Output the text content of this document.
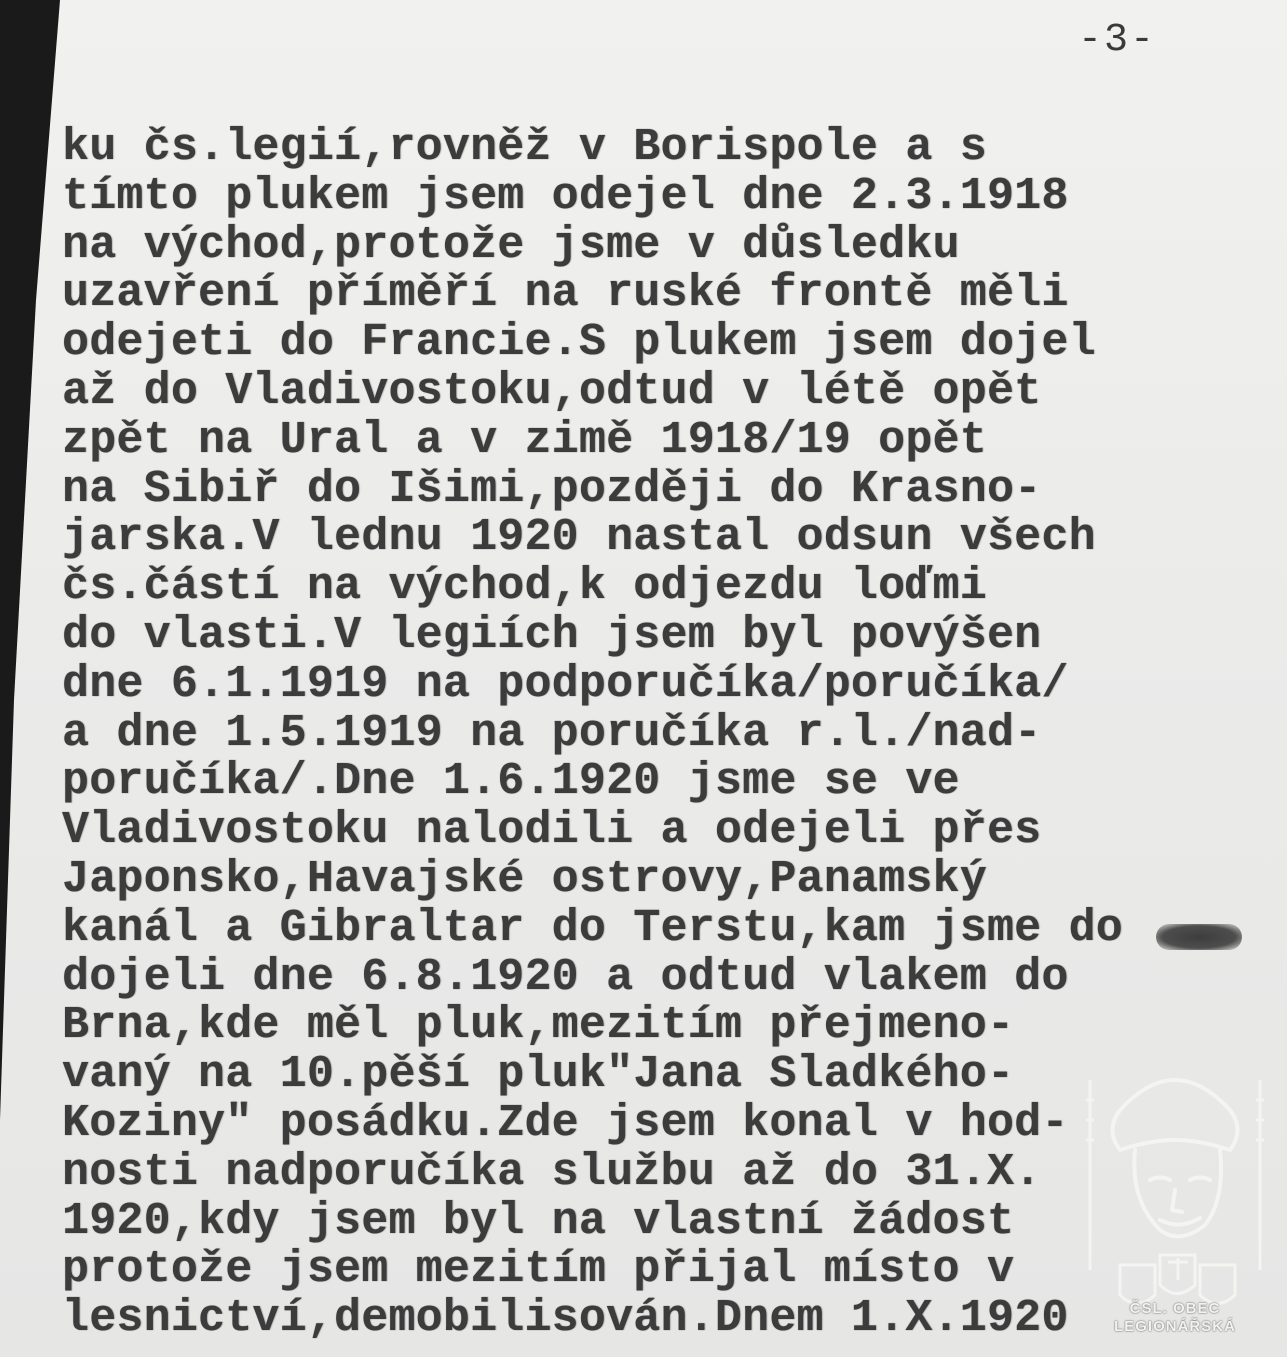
-3-
ku čs.legií,rovněž v Borispole a s
tímto plukem jsem odejel dne 2.3.1918
na východ,protože jsme v důsledku
uzavření příměří na ruské frontě měli
odejeti do Francie.S plukem jsem dojel
až do Vladivostoku,odtud v létě opět
zpět na Ural a v zimě 1918/19 opět
na Sibiř do Išimi,později do Krasno-
jarska.V lednu 1920 nastal odsun všech
čs.částí na východ,k odjezdu loďmi
do vlasti.V legiích jsem byl povýšen
dne 6.1.1919 na podporučíka/poručíka/
a dne 1.5.1919 na poručíka r.l./nad-
poručíka/.Dne 1.6.1920 jsme se ve
Vladivostoku nalodili a odejeli přes
Japonsko,Havajské ostrovy,Panamský
kanál a Gibraltar do Terstu,kam jsme do
dojeli dne 6.8.1920 a odtud vlakem do
Brna,kde měl pluk,mezitím přejmeno-
vaný na 10.pěší pluk"Jana Sladkého-
Koziny" posádku.Zde jsem konal v hod-
nosti nadporučíka službu až do 31.X.
1920,kdy jsem byl na vlastní žádost
protože jsem mezitím přijal místo v
lesnictví,demobilisován.Dnem 1.X.1920	ČSL. OBEC
LEGIONÁŘSKÁ
